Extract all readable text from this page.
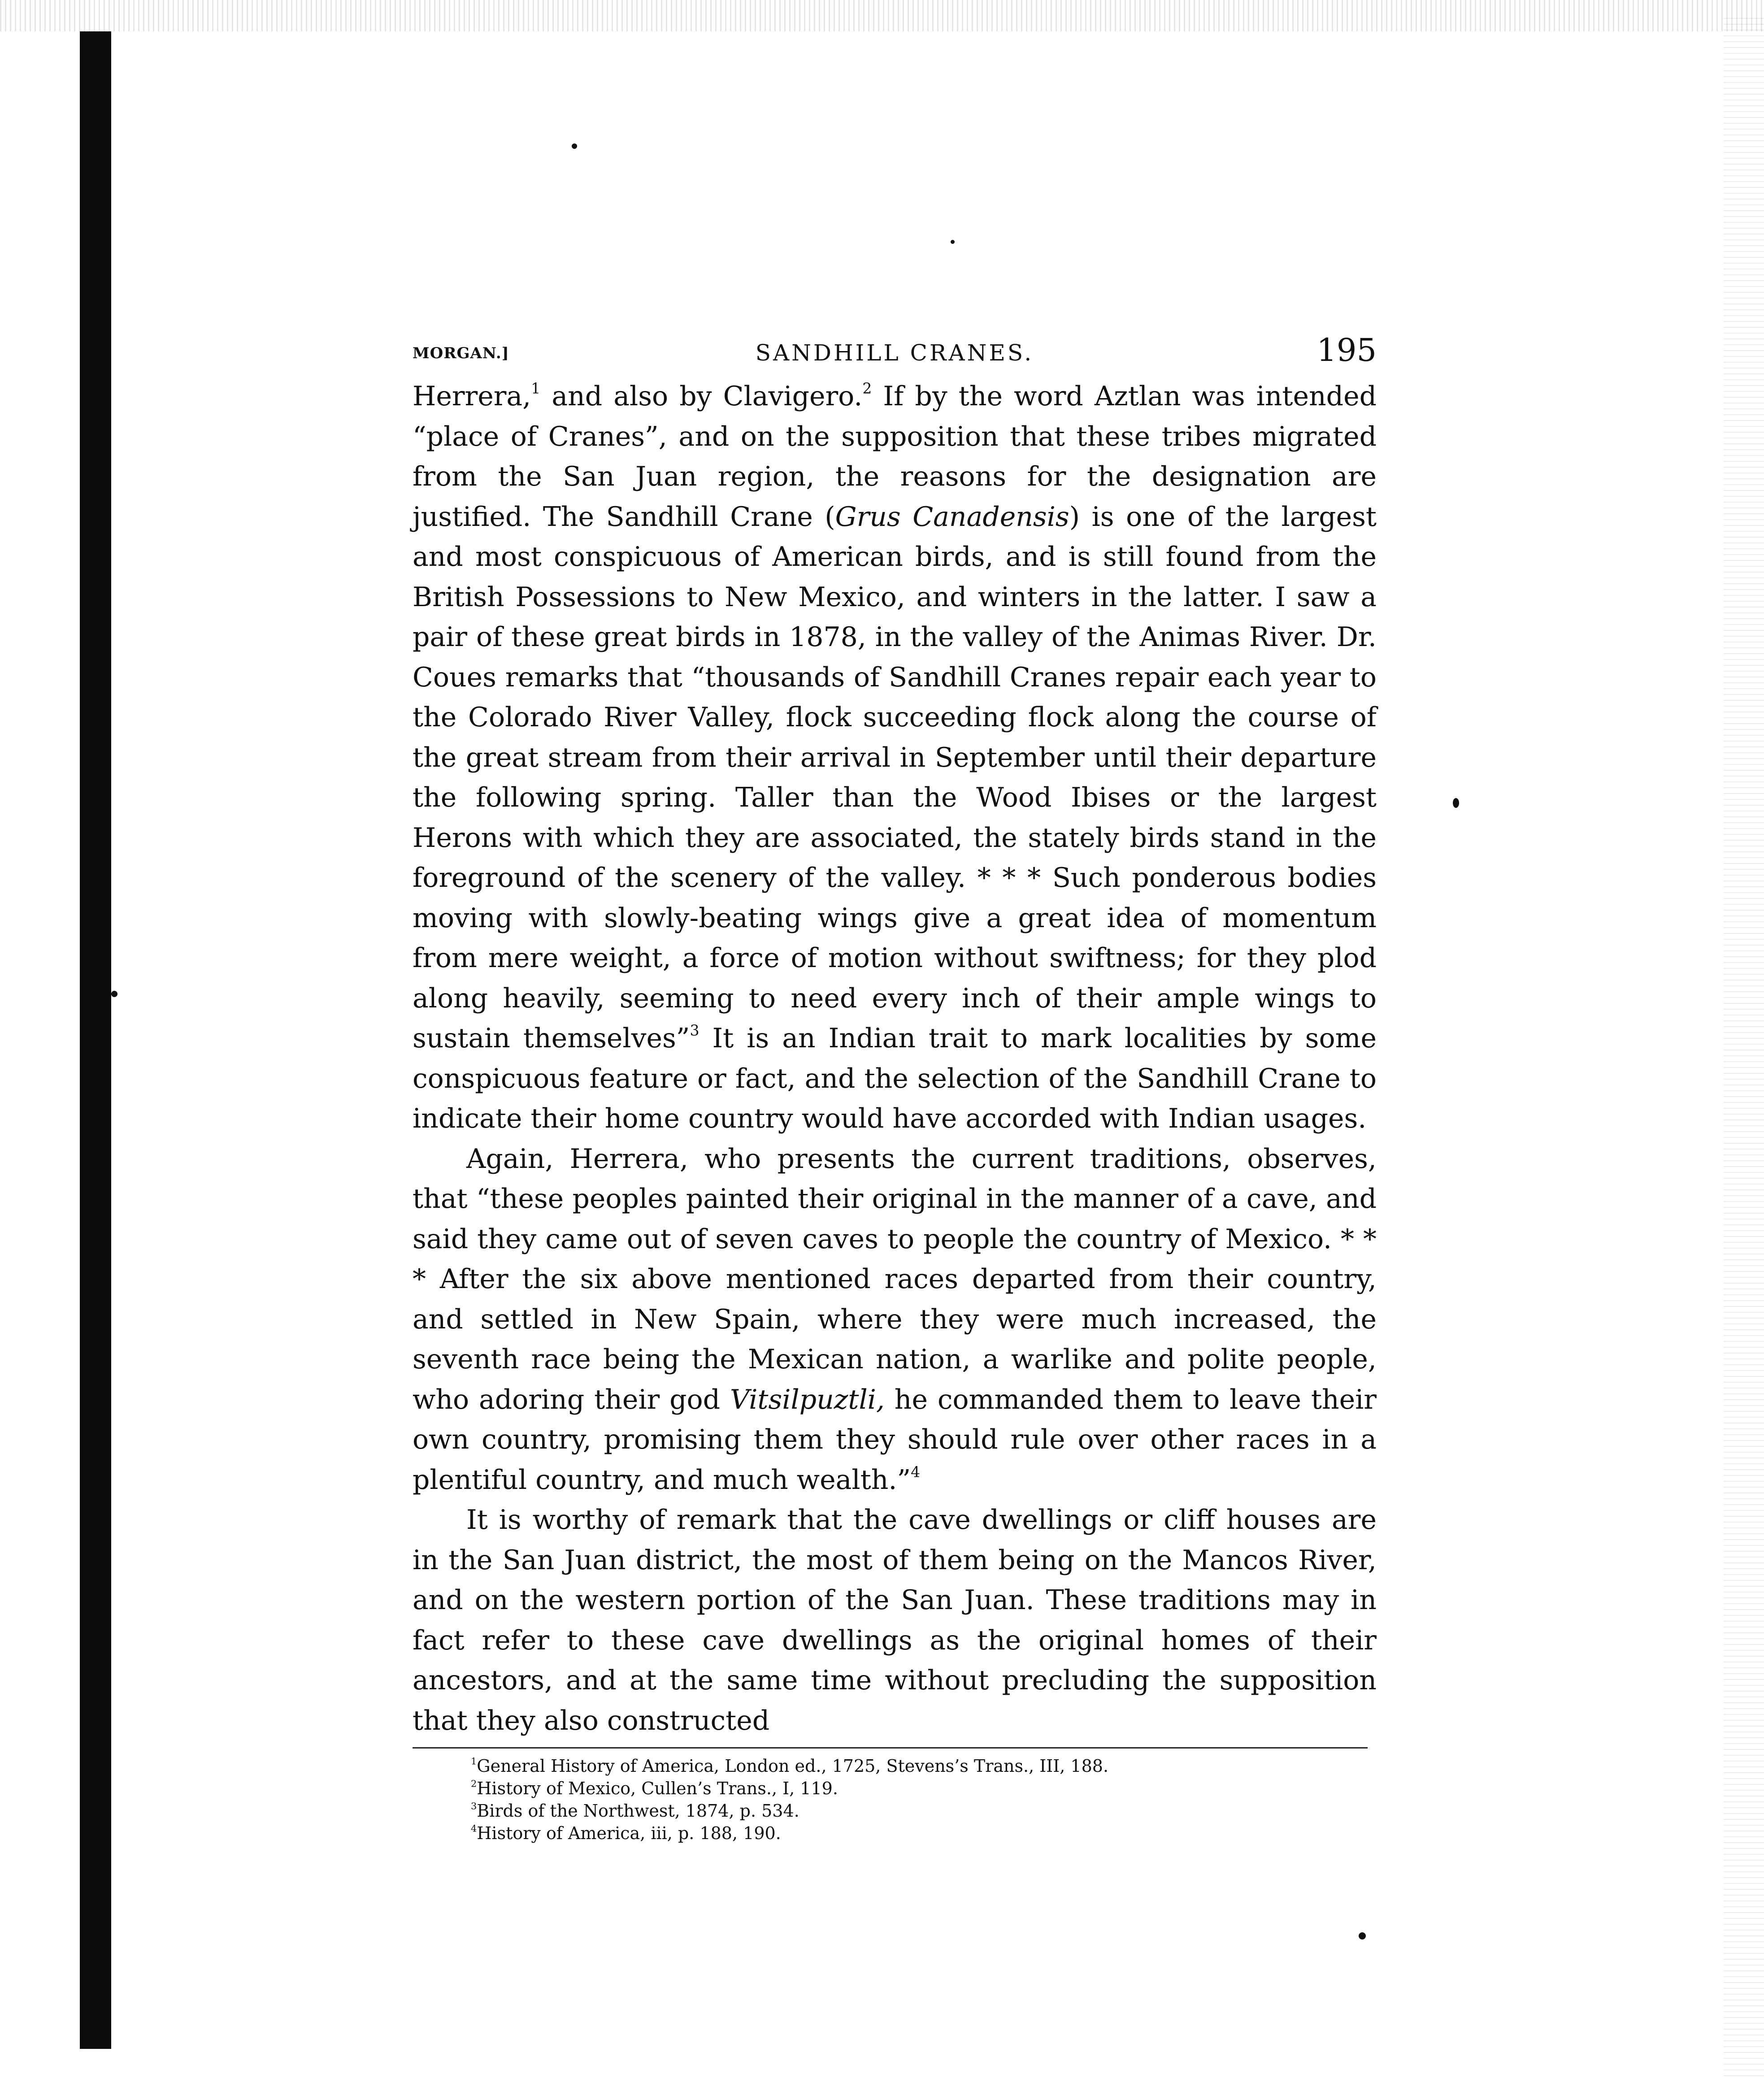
MORGAN.]	SANDHILL CRANES.	195

Herrera,$^1$ and also by Clavigero.$^2$ If by the word Aztlan was intended “place of Cranes”, and on the supposition that these tribes migrated from the San Juan region, the reasons for the designation are justified. The Sandhill Crane (Grus Canadensis) is one of the largest and most conspicuous of American birds, and is still found from the British Possessions to New Mexico, and winters in the latter. I saw a pair of these great birds in 1878, in the valley of the Animas River. Dr. Coues remarks that “thousands of Sandhill Cranes repair each year to the Colorado River Valley, flock succeeding flock along the course of the great stream from their arrival in September until their departure the following spring. Taller than the Wood Ibises or the largest Herons with which they are associated, the stately birds stand in the foreground of the scenery of the valley. * * * Such ponderous bodies moving with slowly-beating wings give a great idea of momentum from mere weight, a force of motion without swiftness; for they plod along heavily, seeming to need every inch of their ample wings to sustain themselves”$^3$ It is an Indian trait to mark localities by some conspicuous feature or fact, and the selection of the Sandhill Crane to indicate their home country would have accorded with Indian usages.

Again, Herrera, who presents the current traditions, observes, that “these peoples painted their original in the manner of a cave, and said they came out of seven caves to people the country of Mexico. * * * After the six above mentioned races departed from their country, and settled in New Spain, where they were much increased, the seventh race being the Mexican nation, a warlike and polite people, who adoring their god Vitsilpuztli, he commanded them to leave their own country, promising them they should rule over other races in a plentiful country, and much wealth.”$^4$

It is worthy of remark that the cave dwellings or cliff houses are in the San Juan district, the most of them being on the Mancos River, and on the western portion of the San Juan. These traditions may in fact refer to these cave dwellings as the original homes of their ancestors, and at the same time without precluding the supposition that they also constructed

$^1$General History of America, London ed., 1725, Stevens’s Trans., III, 188.
$^2$History of Mexico, Cullen’s Trans., I, 119.
$^3$Birds of the Northwest, 1874, p. 534.
$^4$History of America, iii, p. 188, 190.
